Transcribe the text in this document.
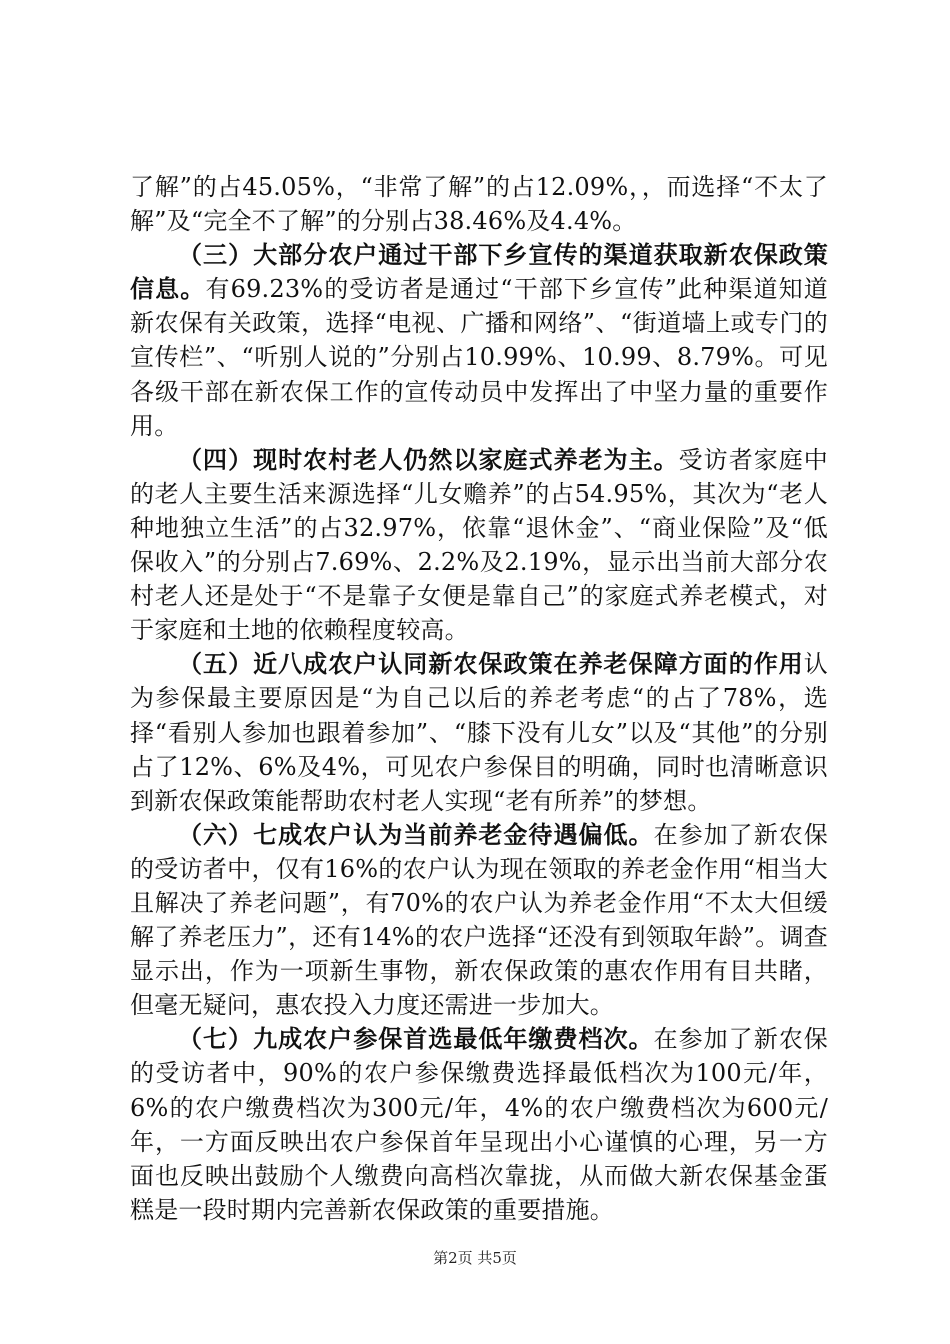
了解”的占45.05%，“非常了解”的占12.09%，，而选择“不太了解”及“完全不了解”的分别占38.46%及4.4%。

（三）大部分农户通过干部下乡宣传的渠道获取新农保政策信息。有69.23%的受访者是通过“干部下乡宣传”此种渠道知道新农保有关政策，选择“电视、广播和网络”、“街道墙上或专门的宣传栏”、“听别人说的”分别占10.99%、10.99、8.79%。可见各级干部在新农保工作的宣传动员中发挥出了中坚力量的重要作用。

（四）现时农村老人仍然以家庭式养老为主。受访者家庭中的老人主要生活来源选择“儿女赡养”的占54.95%，其次为“老人种地独立生活”的占32.97%，依靠“退休金”、“商业保险”及“低保收入”的分别占7.69%、2.2%及2.19%，显示出当前大部分农村老人还是处于“不是靠子女便是靠自己”的家庭式养老模式，对于家庭和土地的依赖程度较高。

（五）近八成农户认同新农保政策在养老保障方面的作用认为参保最主要原因是“为自己以后的养老考虑“的占了78%，选择“看别人参加也跟着参加”、“膝下没有儿女”以及“其他”的分别占了12%、6%及4%，可见农户参保目的明确，同时也清晰意识到新农保政策能帮助农村老人实现“老有所养”的梦想。

（六）七成农户认为当前养老金待遇偏低。在参加了新农保的受访者中，仅有16%的农户认为现在领取的养老金作用“相当大且解决了养老问题”，有70%的农户认为养老金作用“不太大但缓解了养老压力”，还有14%的农户选择“还没有到领取年龄”。调查显示出，作为一项新生事物，新农保政策的惠农作用有目共睹，但毫无疑问，惠农投入力度还需进一步加大。

（七）九成农户参保首选最低年缴费档次。在参加了新农保的受访者中，90%的农户参保缴费选择最低档次为100元/年，6%的农户缴费档次为300元/年，4%的农户缴费档次为600元/年，一方面反映出农户参保首年呈现出小心谨慎的心理，另一方面也反映出鼓励个人缴费向高档次靠拢，从而做大新农保基金蛋糕是一段时期内完善新农保政策的重要措施。

第2页 共5页
